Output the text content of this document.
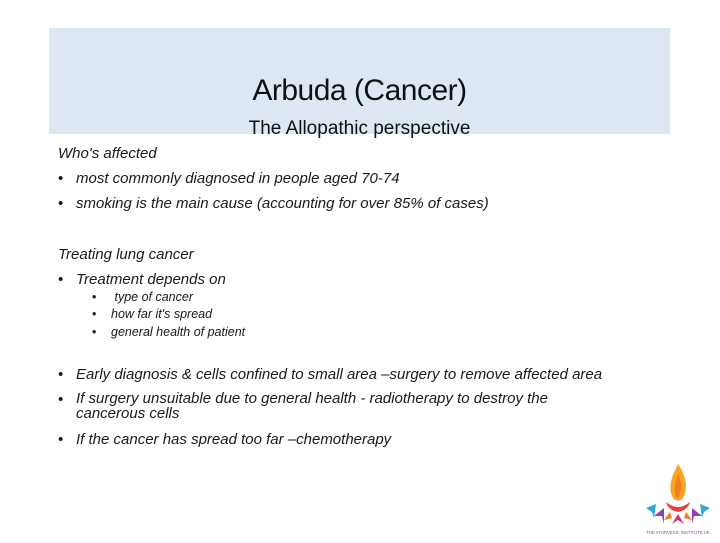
Arbuda (Cancer)
The Allopathic perspective
Who's affected
• most commonly diagnosed in people aged 70-74
• smoking is the main cause (accounting for over 85% of cases)
Treating lung cancer
• Treatment depends on
• type of cancer
• how far it's spread
• general health of patient
• Early diagnosis & cells confined to small area –surgery to remove affected area
• If surgery unsuitable due to general health - radiotherapy to destroy the cancerous cells
• If the cancer has spread too far –chemotherapy
THE AYURVEDIC INSTITUTE UK
